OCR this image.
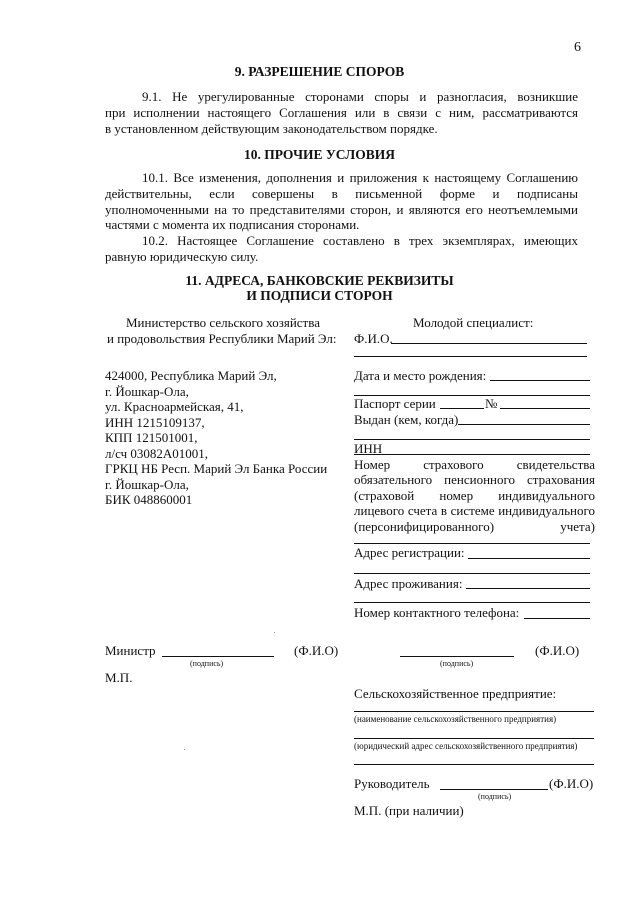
6
9. РАЗРЕШЕНИЕ СПОРОВ
9.1. Не урегулированные сторонами споры и разногласия, возникшие
при исполнении настоящего Соглашения или в связи с ним, рассматриваются
в установленном действующим законодательством порядке.
10. ПРОЧИЕ УСЛОВИЯ
10.1. Все изменения, дополнения и приложения к настоящему Соглашению
действительны, если совершены в письменной форме и подписаны
уполномоченными на то представителями сторон, и являются его неотъемлемыми
частями с момента их подписания сторонами.
10.2. Настоящее Соглашение составлено в трех экземплярах, имеющих
равную юридическую силу.
11. АДРЕСА, БАНКОВСКИЕ РЕКВИЗИТЫ
И ПОДПИСИ СТОРОН
Министерство сельского хозяйства
и продовольствия Республики Марий Эл:
424000, Республика Марий Эл,
г. Йошкар-Ола,
ул. Красноармейская, 41,
ИНН 1215109137,
КПП 121501001,
л/сч 03082А01001,
ГРКЦ НБ Респ. Марий Эл Банка России
г. Йошкар-Ола,
БИК 048860001
Молодой специалист:
Ф.И.О.
Дата и место рождения:
Паспорт серии	№
Выдан (кем, когда)
ИНН
Номер страхового свидетельства
обязательного пенсионного страхования
(страховой номер индивидуального
лицевого счета в системе индивидуального
(персонифицированного) учета)
Адрес регистрации:
Адрес проживания:
Номер контактного телефона:
Министр	(Ф.И.О)
(подпись)
М.П.
(Ф.И.О)
(подпись)
Сельскохозяйственное предприятие:
(наименование сельскохозяйственного предприятия)
(юридический адрес сельскохозяйственного предприятия)
Руководитель	(Ф.И.О)
(подпись)
М.П. (при наличии)
